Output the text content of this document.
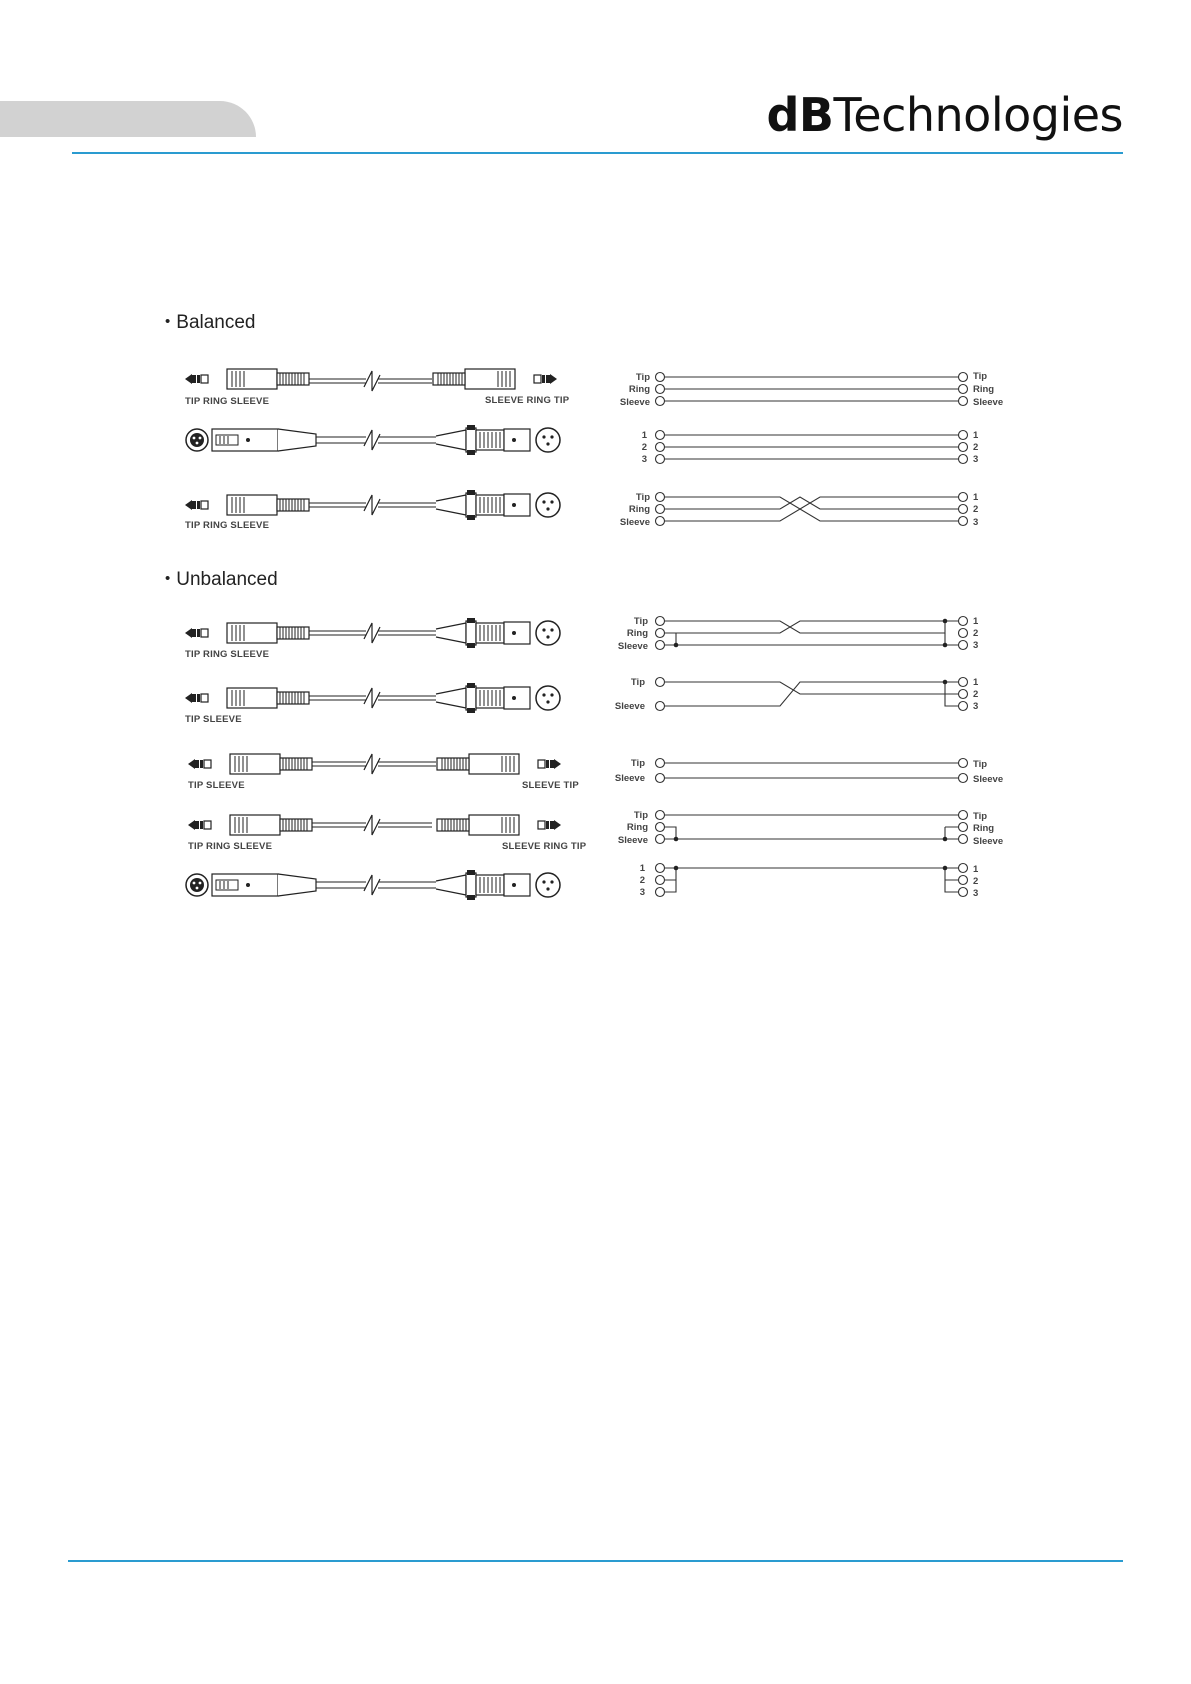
dBTechnologies
• Balanced
• Unbalanced
TIP RING SLEEVE	SLEEVE RING TIP
TIP RING SLEEVE
TIP RING SLEEVE
TIP SLEEVE
TIP SLEEVE	SLEEVE TIP
TIP RING SLEEVE	SLEEVE RING TIP
Tip
Ring
Sleeve
1
2
3
Tip
Ring
Sleeve
Tip
Ring
Sleeve
Tip
Sleeve
Tip
Sleeve
Tip
Ring
Sleeve
1
2
3
Tip
Ring
Sleeve
1
2
3
1
2
3
1
2
3
1
2
3
Tip
Sleeve
Tip
Ring
Sleeve
1
2
3
